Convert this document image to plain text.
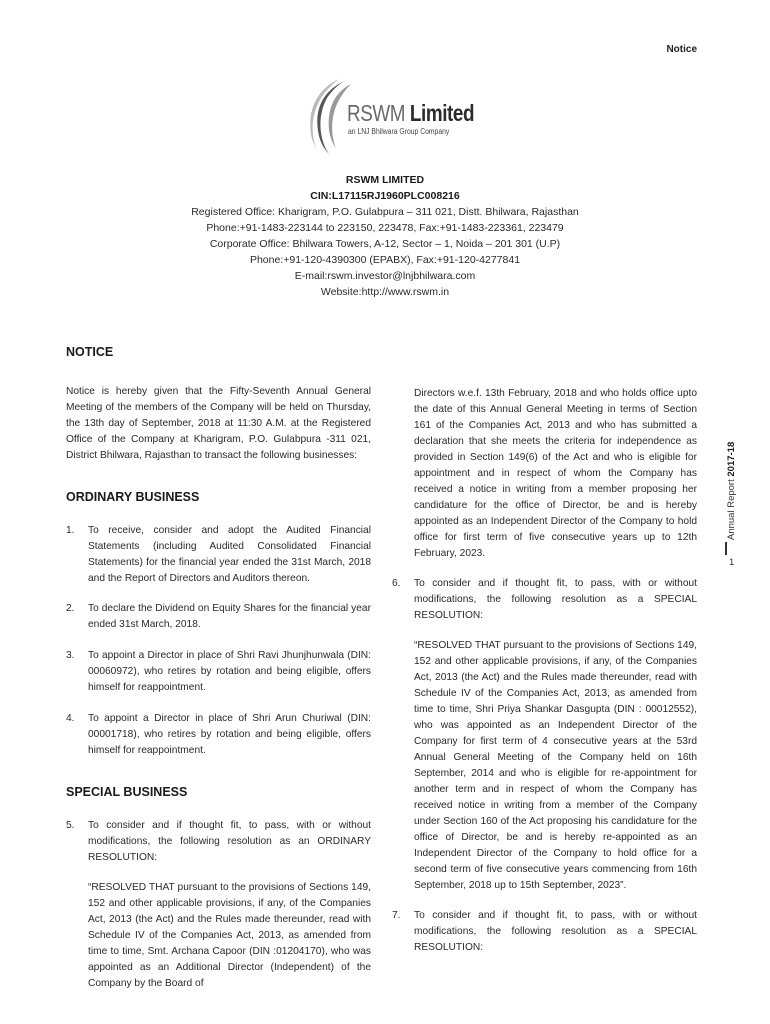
Notice
RSWM Limited
an LNJ Bhilwara Group Company
RSWM LIMITED
CIN:L17115RJ1960PLC008216
Registered Office: Kharigram, P.O. Gulabpura – 311 021, Distt. Bhilwara, Rajasthan
Phone:+91-1483-223144 to 223150, 223478, Fax:+91-1483-223361, 223479
Corporate Office: Bhilwara Towers, A-12, Sector – 1, Noida – 201 301 (U.P)
Phone:+91-120-4390300 (EPABX), Fax:+91-120-4277841
E-mail:rswm.investor@lnjbhilwara.com
Website:http://www.rswm.in
NOTICE

Notice is hereby given that the Fifty-Seventh Annual General Meeting of the members of the Company will be held on Thursday, the 13th day of September, 2018 at 11:30 A.M. at the Registered Office of the Company at Kharigram, P.O. Gulabpura -311 021, District Bhilwara, Rajasthan to transact the following businesses:

ORDINARY BUSINESS

1.	To receive, consider and adopt the Audited Financial Statements (including Audited Consolidated Financial Statements) for the financial year ended the 31st March, 2018 and the Report of Directors and Auditors thereon.
2.	To declare the Dividend on Equity Shares for the financial year ended 31st March, 2018.
3.	To appoint a Director in place of Shri Ravi Jhunjhunwala (DIN: 00060972), who retires by rotation and being eligible, offers himself for reappointment.
4.	To appoint a Director in place of Shri Arun Churiwal (DIN: 00001718), who retires by rotation and being eligible, offers himself for reappointment.

SPECIAL BUSINESS

5.	To consider and if thought fit, to pass, with or without modifications, the following resolution as an ORDINARY RESOLUTION:

“RESOLVED THAT pursuant to the provisions of Sections 149, 152 and other applicable provisions, if any, of the Companies Act, 2013 (the Act) and the Rules made thereunder, read with Schedule IV of the Companies Act, 2013, as amended from time to time, Smt. Archana Capoor (DIN :01204170), who was appointed as an Additional Director (Independent) of the Company by the Board of

Directors w.e.f. 13th February, 2018 and who holds office upto the date of this Annual General Meeting in terms of Section 161 of the Companies Act, 2013 and who has submitted a declaration that she meets the criteria for independence as provided in Section 149(6) of the Act and who is eligible for appointment and in respect of whom the Company has received a notice in writing from a member proposing her candidature for the office of Director, be and is hereby appointed as an Independent Director of the Company to hold office for first term of five consecutive years up to 12th February, 2023.

6.	To consider and if thought fit, to pass, with or without modifications, the following resolution as a SPECIAL RESOLUTION:

“RESOLVED THAT pursuant to the provisions of Sections 149, 152 and other applicable provisions, if any, of the Companies Act, 2013 (the Act) and the Rules made thereunder, read with Schedule IV of the Companies Act, 2013, as amended from time to time, Shri Priya Shankar Dasgupta (DIN : 00012552), who was appointed as an Independent Director of the Company for first term of 4 consecutive years at the 53rd Annual General Meeting of the Company held on 16th September, 2014 and who is eligible for re-appointment for another term and in respect of whom the Company has received notice in writing from a member of the Company under Section 160 of the Act proposing his candidature for the office of Director, be and is hereby re-appointed as an Independent Director of the Company to hold office for a second term of five consecutive years commencing from 16th September, 2018 up to 15th September, 2023”.

7.	To consider and if thought fit, to pass, with or without modifications, the following resolution as a SPECIAL RESOLUTION:
Annual Report 2017-18
1
